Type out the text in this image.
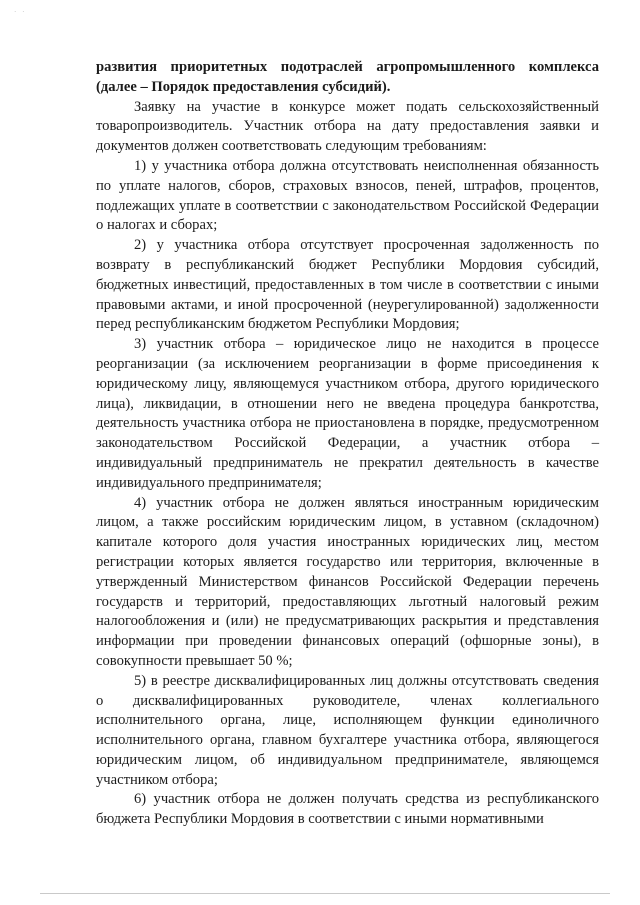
· ·

развития приоритетных подотраслей агропромышленного комплекса (далее – Порядок предоставления субсидий).

Заявку на участие в конкурсе может подать сельскохозяйственный товаропроизводитель. Участник отбора на дату предоставления заявки и документов должен соответствовать следующим требованиям:

1) у участника отбора должна отсутствовать неисполненная обязанность по уплате налогов, сборов, страховых взносов, пеней, штрафов, процентов, подлежащих уплате в соответствии с законодательством Российской Федерации о налогах и сборах;

2) у участника отбора отсутствует просроченная задолженность по возврату в республиканский бюджет Республики Мордовия субсидий, бюджетных инвестиций, предоставленных в том числе в соответствии с иными правовыми актами, и иной просроченной (неурегулированной) задолженности перед республиканским бюджетом Республики Мордовия;

3) участник отбора – юридическое лицо не находится в процессе реорганизации (за исключением реорганизации в форме присоединения к юридическому лицу, являющемуся участником отбора, другого юридического лица), ликвидации, в отношении него не введена процедура банкротства, деятельность участника отбора не приостановлена в порядке, предусмотренном законодательством Российской Федерации, а участник отбора – индивидуальный предприниматель не прекратил деятельность в качестве индивидуального предпринимателя;

4) участник отбора не должен являться иностранным юридическим лицом, а также российским юридическим лицом, в уставном (складочном) капитале которого доля участия иностранных юридических лиц, местом регистрации которых является государство или территория, включенные в утвержденный Министерством финансов Российской Федерации перечень государств и территорий, предоставляющих льготный налоговый режим налогообложения и (или) не предусматривающих раскрытия и представления информации при проведении финансовых операций (офшорные зоны), в совокупности превышает 50 %;

5) в реестре дисквалифицированных лиц должны отсутствовать сведения о дисквалифицированных руководителе, членах коллегиального исполнительного органа, лице, исполняющем функции единоличного исполнительного органа, главном бухгалтере участника отбора, являющегося юридическим лицом, об индивидуальном предпринимателе, являющемся участником отбора;

6) участник отбора не должен получать средства из республиканского бюджета Республики Мордовия в соответствии с иными нормативными
